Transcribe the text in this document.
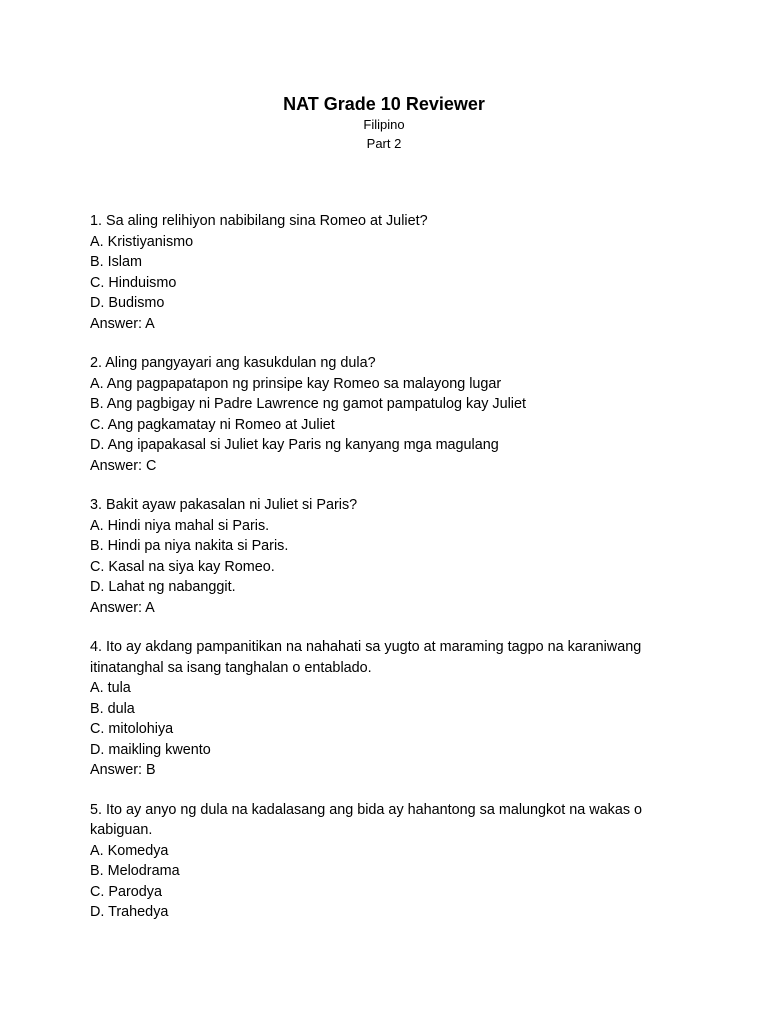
NAT Grade 10 Reviewer

Filipino

Part 2

1. Sa aling relihiyon nabibilang sina Romeo at Juliet?
A. Kristiyanismo
B. Islam
C. Hinduismo
D. Budismo
Answer: A
2. Aling pangyayari ang kasukdulan ng dula?
A. Ang pagpapatapon ng prinsipe kay Romeo sa malayong lugar
B. Ang pagbigay ni Padre Lawrence ng gamot pampatulog kay Juliet
C. Ang pagkamatay ni Romeo at Juliet
D. Ang ipapakasal si Juliet kay Paris ng kanyang mga magulang
Answer: C
3. Bakit ayaw pakasalan ni Juliet si Paris?
A. Hindi niya mahal si Paris.
B. Hindi pa niya nakita si Paris.
C. Kasal na siya kay Romeo.
D. Lahat ng nabanggit.
Answer: A
4. Ito ay akdang pampanitikan na nahahati sa yugto at maraming tagpo na karaniwang itinatanghal sa isang tanghalan o entablado.
A. tula
B. dula
C. mitolohiya
D. maikling kwento
Answer: B
5. Ito ay anyo ng dula na kadalasang ang bida ay hahantong sa malungkot na wakas o kabiguan.
A. Komedya
B. Melodrama
C. Parodya
D. Trahedya
